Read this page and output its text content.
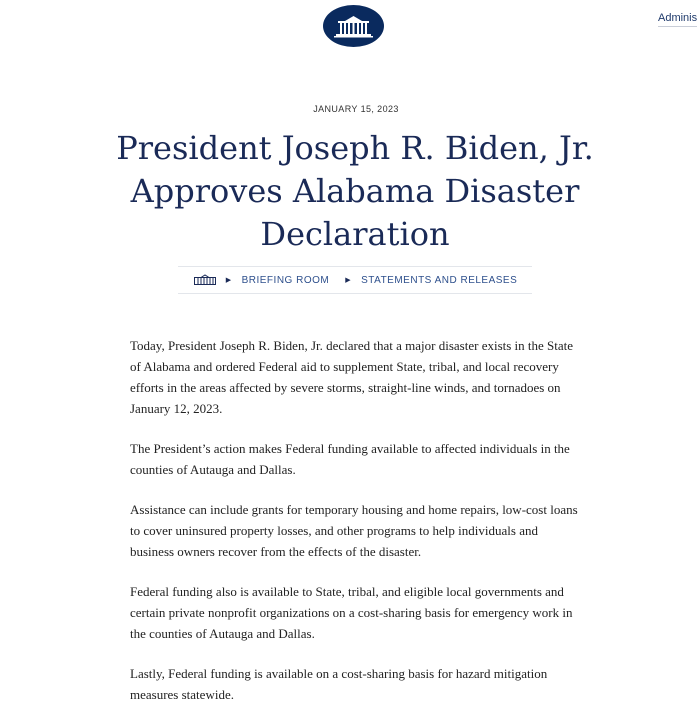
Adminis
JANUARY 15, 2023
President Joseph R. Biden, Jr. Approves Alabama Disaster Declaration
▶ BRIEFING ROOM ▶ STATEMENTS AND RELEASES

Today, President Joseph R. Biden, Jr. declared that a major disaster exists in the State of Alabama and ordered Federal aid to supplement State, tribal, and local recovery efforts in the areas affected by severe storms, straight-line winds, and tornadoes on January 12, 2023.

The President’s action makes Federal funding available to affected individuals in the counties of Autauga and Dallas.

Assistance can include grants for temporary housing and home repairs, low-cost loans to cover uninsured property losses, and other programs to help individuals and business owners recover from the effects of the disaster.

Federal funding also is available to State, tribal, and eligible local governments and certain private nonprofit organizations on a cost-sharing basis for emergency work in the counties of Autauga and Dallas.

Lastly, Federal funding is available on a cost-sharing basis for hazard mitigation measures statewide.
